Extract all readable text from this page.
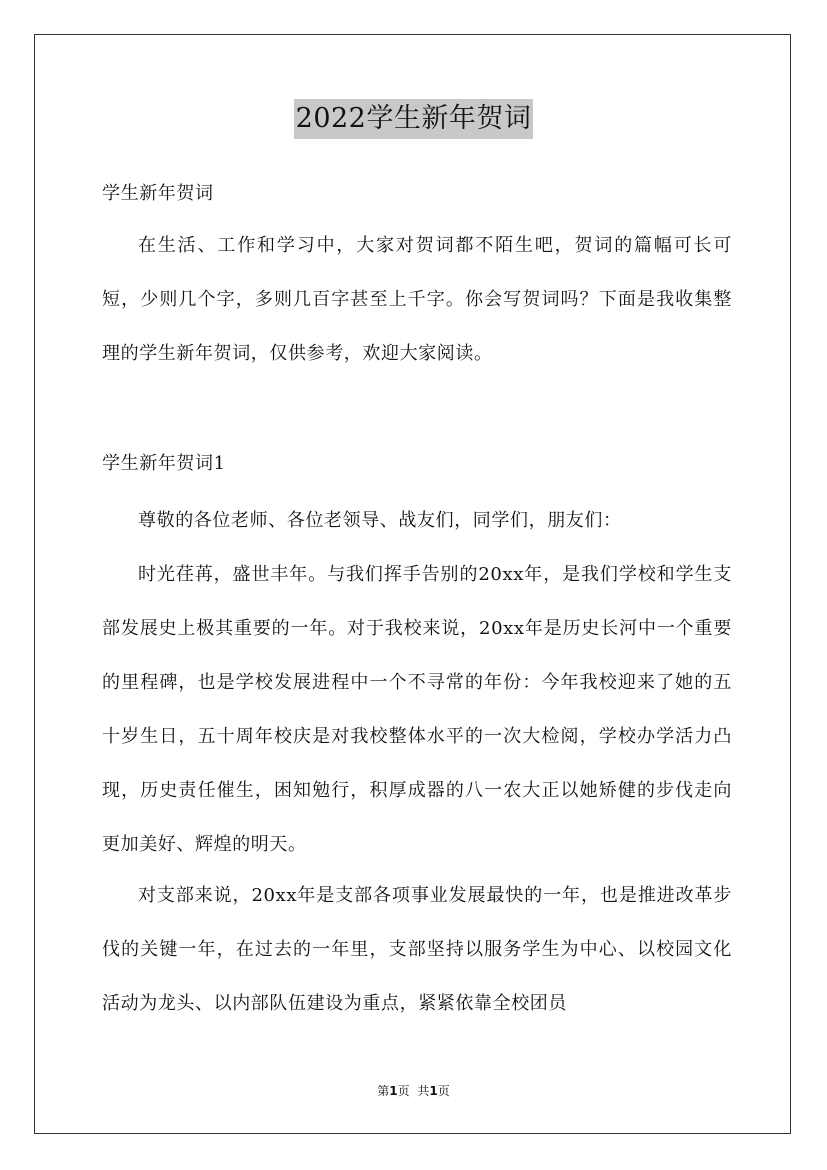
2022学生新年贺词

学生新年贺词

在生活、工作和学习中，大家对贺词都不陌生吧，贺词的篇幅可长可短，少则几个字，多则几百字甚至上千字。你会写贺词吗？下面是我收集整理的学生新年贺词，仅供参考，欢迎大家阅读。

学生新年贺词1

尊敬的各位老师、各位老领导、战友们，同学们，朋友们：

时光荏苒，盛世丰年。与我们挥手告别的20xx年，是我们学校和学生支部发展史上极其重要的一年。对于我校来说，20xx年是历史长河中一个重要的里程碑，也是学校发展进程中一个不寻常的年份：今年我校迎来了她的五十岁生日，五十周年校庆是对我校整体水平的一次大检阅，学校办学活力凸现，历史责任催生，困知勉行，积厚成器的八一农大正以她矫健的步伐走向更加美好、辉煌的明天。

对支部来说，20xx年是支部各项事业发展最快的一年，也是推进改革步伐的关键一年，在过去的一年里，支部坚持以服务学生为中心、以校园文化活动为龙头、以内部队伍建设为重点，紧紧依靠全校团员

第1页 共1页
